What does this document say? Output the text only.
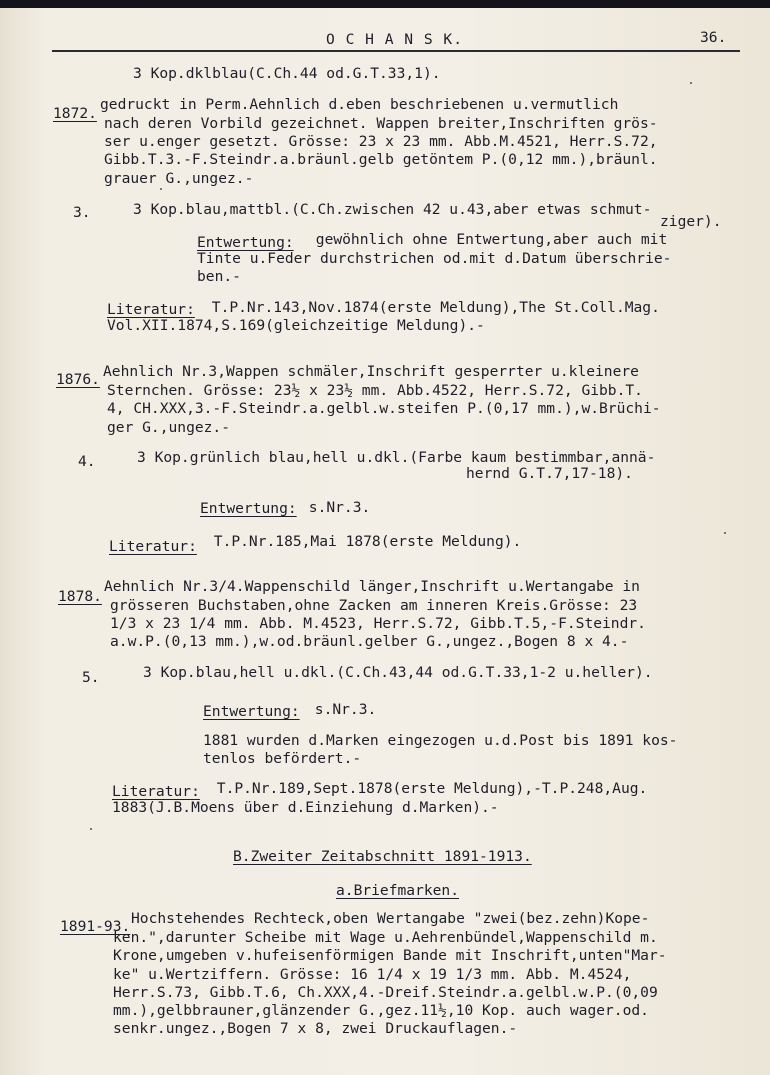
O C H A N S K.	36.
3 Kop.dklblau(C.Ch.44 od.G.T.33,1).
1872.
gedruckt in Perm.Aehnlich d.eben beschriebenen u.vermutlich
nach deren Vorbild gezeichnet. Wappen breiter,Inschriften grös-
ser u.enger gesetzt. Grösse: 23 x 23 mm. Abb.M.4521, Herr.S.72,
Gibb.T.3.-F.Steindr.a.bräunl.gelb getöntem P.(0,12 mm.),bräunl.
grauer G.,ungez.-
3.	3 Kop.blau,mattbl.(C.Ch.zwischen 42 u.43,aber etwas schmut-
ziger).
Entwertung: gewöhnlich ohne Entwertung,aber auch mit
Tinte u.Feder durchstrichen od.mit d.Datum überschrie-
ben.-
Literatur: T.P.Nr.143,Nov.1874(erste Meldung),The St.Coll.Mag.
Vol.XII.1874,S.169(gleichzeitige Meldung).-
1876. Aehnlich Nr.3,Wappen schmäler,Inschrift gesperrter u.kleinere
Sternchen. Grösse: 23½ x 23½ mm. Abb.4522, Herr.S.72, Gibb.T.
4, CH.XXX,3.-F.Steindr.a.gelbl.w.steifen P.(0,17 mm.),w.Brüchi-
ger G.,ungez.-
4.	3 Kop.grünlich blau,hell u.dkl.(Farbe kaum bestimmbar,annä-
hernd G.T.7,17-18).
Entwertung: s.Nr.3.
Literatur: T.P.Nr.185,Mai 1878(erste Meldung).
1878.
Aehnlich Nr.3/4.Wappenschild länger,Inschrift u.Wertangabe in
grösseren Buchstaben,ohne Zacken am inneren Kreis.Grösse: 23
1/3 x 23 1/4 mm. Abb. M.4523, Herr.S.72, Gibb.T.5,-F.Steindr.
a.w.P.(0,13 mm.),w.od.bräunl.gelber G.,ungez.,Bogen 8 x 4.-
5.	3 Kop.blau,hell u.dkl.(C.Ch.43,44 od.G.T.33,1-2 u.heller).
Entwertung: s.Nr.3.
1881 wurden d.Marken eingezogen u.d.Post bis 1891 kos-
tenlos befördert.-
Literatur: T.P.Nr.189,Sept.1878(erste Meldung),-T.P.248,Aug.
1883(J.B.Moens über d.Einziehung d.Marken).-
B.Zweiter Zeitabschnitt 1891-1913.
a.Briefmarken.
1891-93. Hochstehendes Rechteck,oben Wertangabe "zwei(bez.zehn)Kope-
ken.",darunter Scheibe mit Wage u.Aehrenbündel,Wappenschild m.
Krone,umgeben v.hufeisenförmigen Bande mit Inschrift,unten"Mar-
ke" u.Wertziffern. Grösse: 16 1/4 x 19 1/3 mm. Abb. M.4524,
Herr.S.73, Gibb.T.6, Ch.XXX,4.-Dreif.Steindr.a.gelbl.w.P.(0,09
mm.),gelbbrauner,glänzender G.,gez.11½,10 Kop. auch wager.od.
senkr.ungez.,Bogen 7 x 8, zwei Druckauflagen.-
